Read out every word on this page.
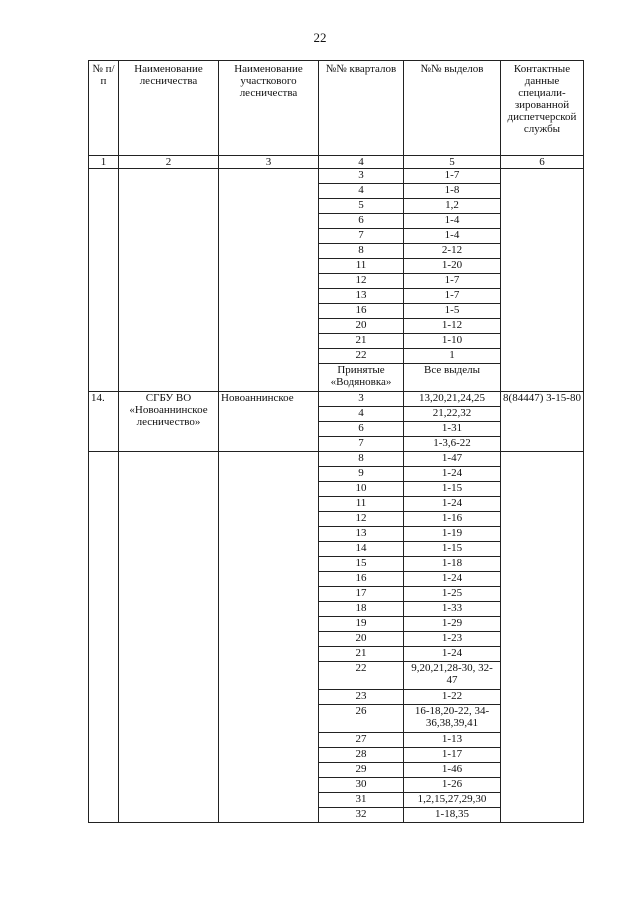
22
№ п/п	Наименование лесничества	Наименование участкового лесничества	№№ кварталов	№№ выделов	Контактные данные специали-зированной диспетчерской службы
1	2	3	4	5	6
			3	1-7	
			4	1-8	
			5	1,2	
			6	1-4	
			7	1-4	
			8	2-12	
			11	1-20	
			12	1-7	
			13	1-7	
			16	1-5	
			20	1-12	
			21	1-10	
			22	1	
			Принятые «Водяновка»	Все выделы	
14.	СГБУ ВО «Новоаннинское лесничество»	Новоаннинское	3	13,20,21,24,25	8(84447) 3-15-80
			4	21,22,32	
			6	1-31	
			7	1-3,6-22	
			8	1-47	
			9	1-24	
			10	1-15	
			11	1-24	
			12	1-16	
			13	1-19	
			14	1-15	
			15	1-18	
			16	1-24	
			17	1-25	
			18	1-33	
			19	1-29	
			20	1-23	
			21	1-24	
			22	9,20,21,28-30, 32-47	
			23	1-22	
			26	16-18,20-22, 34-36,38,39,41	
			27	1-13	
			28	1-17	
			29	1-46	
			30	1-26	
			31	1,2,15,27,29,30	
			32	1-18,35	
